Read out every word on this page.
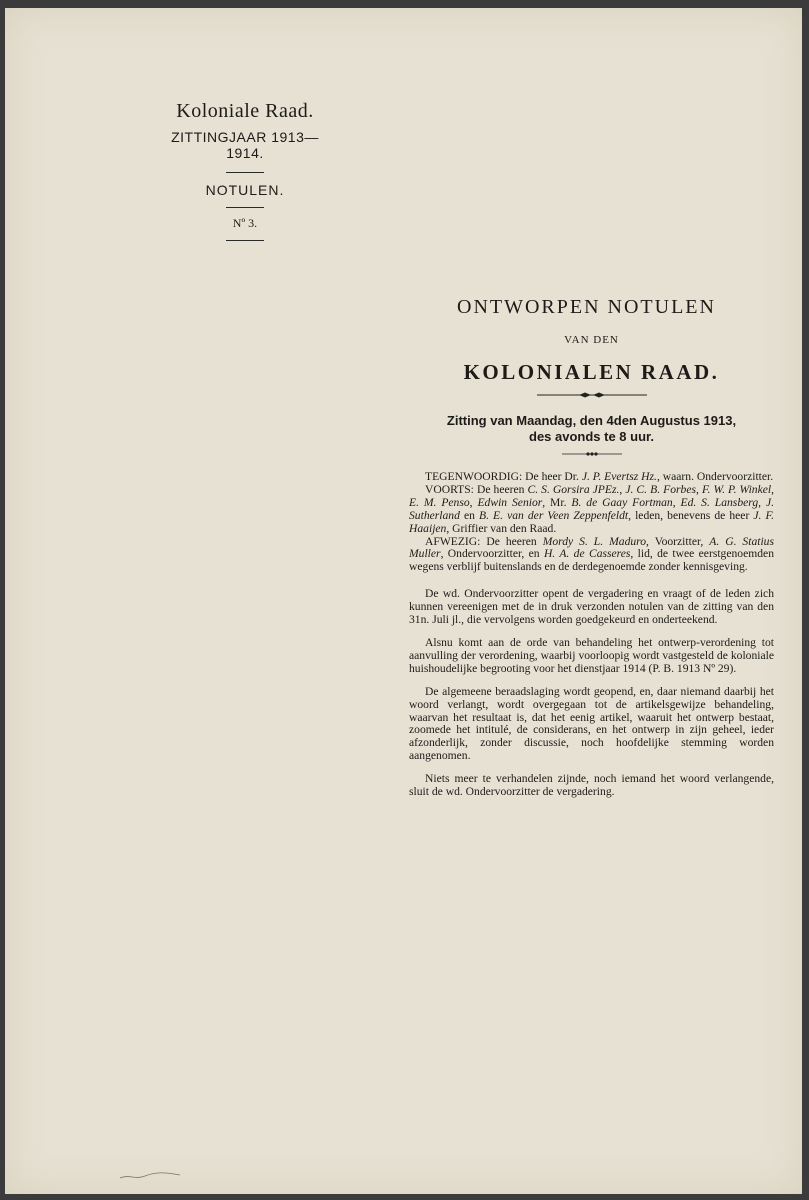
Koloniale Raad.
ZITTINGJAAR 1913—1914.
NOTULEN.
Nº 3.
ONTWORPEN NOTULEN
VAN DEN
KOLONIALEN RAAD.
Zitting van Maandag, den 4den Augustus 1913,
des avonds te 8 uur.

TEGENWOORDIG: De heer Dr. J. P. Evertsz Hz., waarn. Ondervoorzitter.

VOORTS: De heeren C. S. Gorsira JPEz., J. C. B. Forbes, F. W. P. Winkel, E. M. Penso, Edwin Senior, Mr. B. de Gaay Fortman, Ed. S. Lansberg, J. Sutherland en B. E. van der Veen Zeppenfeldt, leden, benevens de heer J. F. Haaijen, Griffier van den Raad.

AFWEZIG: De heeren Mordy S. L. Maduro, Voorzitter, A. G. Statius Muller, Ondervoorzitter, en H. A. de Casseres, lid, de twee eerstgenoemden wegens verblijf buitenslands en de derdegenoemde zonder kennisgeving.

De wd. Ondervoorzitter opent de vergadering en vraagt of de leden zich kunnen vereenigen met de in druk verzonden notulen van de zitting van den 31n. Juli jl., die vervolgens worden goedgekeurd en onderteekend.

Alsnu komt aan de orde van behandeling het ontwerp-verordening tot aanvulling der verordening, waarbij voorloopig wordt vastgesteld de koloniale huishoudelijke begrooting voor het dienstjaar 1914 (P. B. 1913 Nº 29).

De algemeene beraadslaging wordt geopend, en, daar niemand daarbij het woord verlangt, wordt overgegaan tot de artikelsgewijze behandeling, waarvan het resultaat is, dat het eenig artikel, waaruit het ontwerp bestaat, zoomede het intitulé, de considerans, en het ontwerp in zijn geheel, ieder afzonderlijk, zonder discussie, noch hoofdelijke stemming worden aangenomen.

Niets meer te verhandelen zijnde, noch iemand het woord verlangende, sluit de wd. Ondervoorzitter de vergadering.
